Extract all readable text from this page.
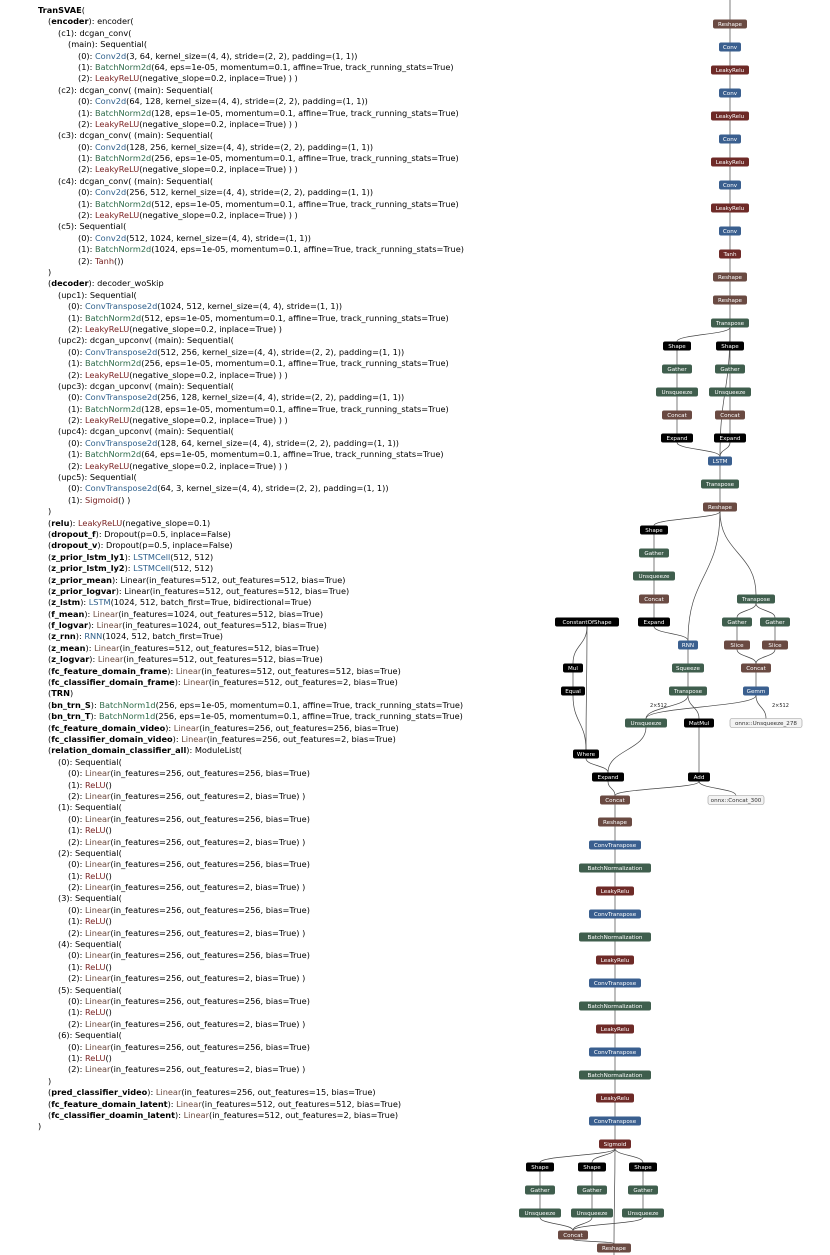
TranSVAE(
(encoder): encoder(
(c1): dcgan_conv(
(main): Sequential(
(0): Conv2d(3, 64, kernel_size=(4, 4), stride=(2, 2), padding=(1, 1))
(1): BatchNorm2d(64, eps=1e-05, momentum=0.1, affine=True, track_running_stats=True)
(2): LeakyReLU(negative_slope=0.2, inplace=True) ) )
(c2): dcgan_conv( (main): Sequential(
(0): Conv2d(64, 128, kernel_size=(4, 4), stride=(2, 2), padding=(1, 1))
(1): BatchNorm2d(128, eps=1e-05, momentum=0.1, affine=True, track_running_stats=True)
(2): LeakyReLU(negative_slope=0.2, inplace=True) ) )
(c3): dcgan_conv( (main): Sequential(
(0): Conv2d(128, 256, kernel_size=(4, 4), stride=(2, 2), padding=(1, 1))
(1): BatchNorm2d(256, eps=1e-05, momentum=0.1, affine=True, track_running_stats=True)
(2): LeakyReLU(negative_slope=0.2, inplace=True) ) )
(c4): dcgan_conv( (main): Sequential(
(0): Conv2d(256, 512, kernel_size=(4, 4), stride=(2, 2), padding=(1, 1))
(1): BatchNorm2d(512, eps=1e-05, momentum=0.1, affine=True, track_running_stats=True)
(2): LeakyReLU(negative_slope=0.2, inplace=True) ) )
(c5): Sequential(
(0): Conv2d(512, 1024, kernel_size=(4, 4), stride=(1, 1))
(1): BatchNorm2d(1024, eps=1e-05, momentum=0.1, affine=True, track_running_stats=True)
(2): Tanh())
)
(decoder): decoder_woSkip
(upc1): Sequential(
(0): ConvTranspose2d(1024, 512, kernel_size=(4, 4), stride=(1, 1))
(1): BatchNorm2d(512, eps=1e-05, momentum=0.1, affine=True, track_running_stats=True)
(2): LeakyReLU(negative_slope=0.2, inplace=True) )
(upc2): dcgan_upconv( (main): Sequential(
(0): ConvTranspose2d(512, 256, kernel_size=(4, 4), stride=(2, 2), padding=(1, 1))
(1): BatchNorm2d(256, eps=1e-05, momentum=0.1, affine=True, track_running_stats=True)
(2): LeakyReLU(negative_slope=0.2, inplace=True) ) )
(upc3): dcgan_upconv( (main): Sequential(
(0): ConvTranspose2d(256, 128, kernel_size=(4, 4), stride=(2, 2), padding=(1, 1))
(1): BatchNorm2d(128, eps=1e-05, momentum=0.1, affine=True, track_running_stats=True)
(2): LeakyReLU(negative_slope=0.2, inplace=True) ) )
(upc4): dcgan_upconv( (main): Sequential(
(0): ConvTranspose2d(128, 64, kernel_size=(4, 4), stride=(2, 2), padding=(1, 1))
(1): BatchNorm2d(64, eps=1e-05, momentum=0.1, affine=True, track_running_stats=True)
(2): LeakyReLU(negative_slope=0.2, inplace=True) ) )
(upc5): Sequential(
(0): ConvTranspose2d(64, 3, kernel_size=(4, 4), stride=(2, 2), padding=(1, 1))
(1): Sigmoid() )
)
(relu): LeakyReLU(negative_slope=0.1)
(dropout_f): Dropout(p=0.5, inplace=False)
(dropout_v): Dropout(p=0.5, inplace=False)
(z_prior_lstm_ly1): LSTMCell(512, 512)
(z_prior_lstm_ly2): LSTMCell(512, 512)
(z_prior_mean): Linear(in_features=512, out_features=512, bias=True)
(z_prior_logvar): Linear(in_features=512, out_features=512, bias=True)
(z_lstm): LSTM(1024, 512, batch_first=True, bidirectional=True)
(f_mean): Linear(in_features=1024, out_features=512, bias=True)
(f_logvar): Linear(in_features=1024, out_features=512, bias=True)
(z_rnn): RNN(1024, 512, batch_first=True)
(z_mean): Linear(in_features=512, out_features=512, bias=True)
(z_logvar): Linear(in_features=512, out_features=512, bias=True)
(fc_feature_domain_frame): Linear(in_features=512, out_features=512, bias=True)
(fc_classifier_domain_frame): Linear(in_features=512, out_features=2, bias=True)
(TRN)
(bn_trn_S): BatchNorm1d(256, eps=1e-05, momentum=0.1, affine=True, track_running_stats=True)
(bn_trn_T): BatchNorm1d(256, eps=1e-05, momentum=0.1, affine=True, track_running_stats=True)
(fc_feature_domain_video): Linear(in_features=256, out_features=256, bias=True)
(fc_classifier_domain_video): Linear(in_features=256, out_features=2, bias=True)
(relation_domain_classifier_all): ModuleList(
(0): Sequential(
(0): Linear(in_features=256, out_features=256, bias=True)
(1): ReLU()
(2): Linear(in_features=256, out_features=2, bias=True) )
(1): Sequential(
(0): Linear(in_features=256, out_features=256, bias=True)
(1): ReLU()
(2): Linear(in_features=256, out_features=2, bias=True) )
(2): Sequential(
(0): Linear(in_features=256, out_features=256, bias=True)
(1): ReLU()
(2): Linear(in_features=256, out_features=2, bias=True) )
(3): Sequential(
(0): Linear(in_features=256, out_features=256, bias=True)
(1): ReLU()
(2): Linear(in_features=256, out_features=2, bias=True) )
(4): Sequential(
(0): Linear(in_features=256, out_features=256, bias=True)
(1): ReLU()
(2): Linear(in_features=256, out_features=2, bias=True) )
(5): Sequential(
(0): Linear(in_features=256, out_features=256, bias=True)
(1): ReLU()
(2): Linear(in_features=256, out_features=2, bias=True) )
(6): Sequential(
(0): Linear(in_features=256, out_features=256, bias=True)
(1): ReLU()
(2): Linear(in_features=256, out_features=2, bias=True) )
)
(pred_classifier_video): Linear(in_features=256, out_features=15, bias=True)
(fc_feature_domain_latent): Linear(in_features=512, out_features=512, bias=True)
(fc_classifier_doamin_latent): Linear(in_features=512, out_features=2, bias=True)
)
Reshape
Conv
LeakyRelu
Conv
LeakyRelu
Conv
LeakyRelu
Conv
LeakyRelu
Conv
Tanh
Reshape
Reshape
Transpose
Shape	Shape
Gather	Gather
Unsqueeze	Unsqueeze
Concat	Concat
Expand	Expand
LSTM
Transpose
Reshape
Shape
Gather
Unsqueeze
Concat
Expand
Transpose
ConstantOfShape
RNN
Gather	Gather
Slice	Slice
Mul	Squeeze	Concat
Equal	Transpose	Gemm
Unsqueeze	MatMul
Where
Expand	Add
Concat
Reshape
ConvTranspose
BatchNormalization
LeakyRelu
ConvTranspose
BatchNormalization
LeakyRelu
ConvTranspose
BatchNormalization
LeakyRelu
ConvTranspose
BatchNormalization
LeakyRelu
ConvTranspose
Sigmoid
Shape	Shape	Shape
Gather	Gather	Gather
Unsqueeze	Unsqueeze	Unsqueeze
Concat
Reshape
onnx::Unsqueeze_278
onnx::Concat_300
2×512	2×512
